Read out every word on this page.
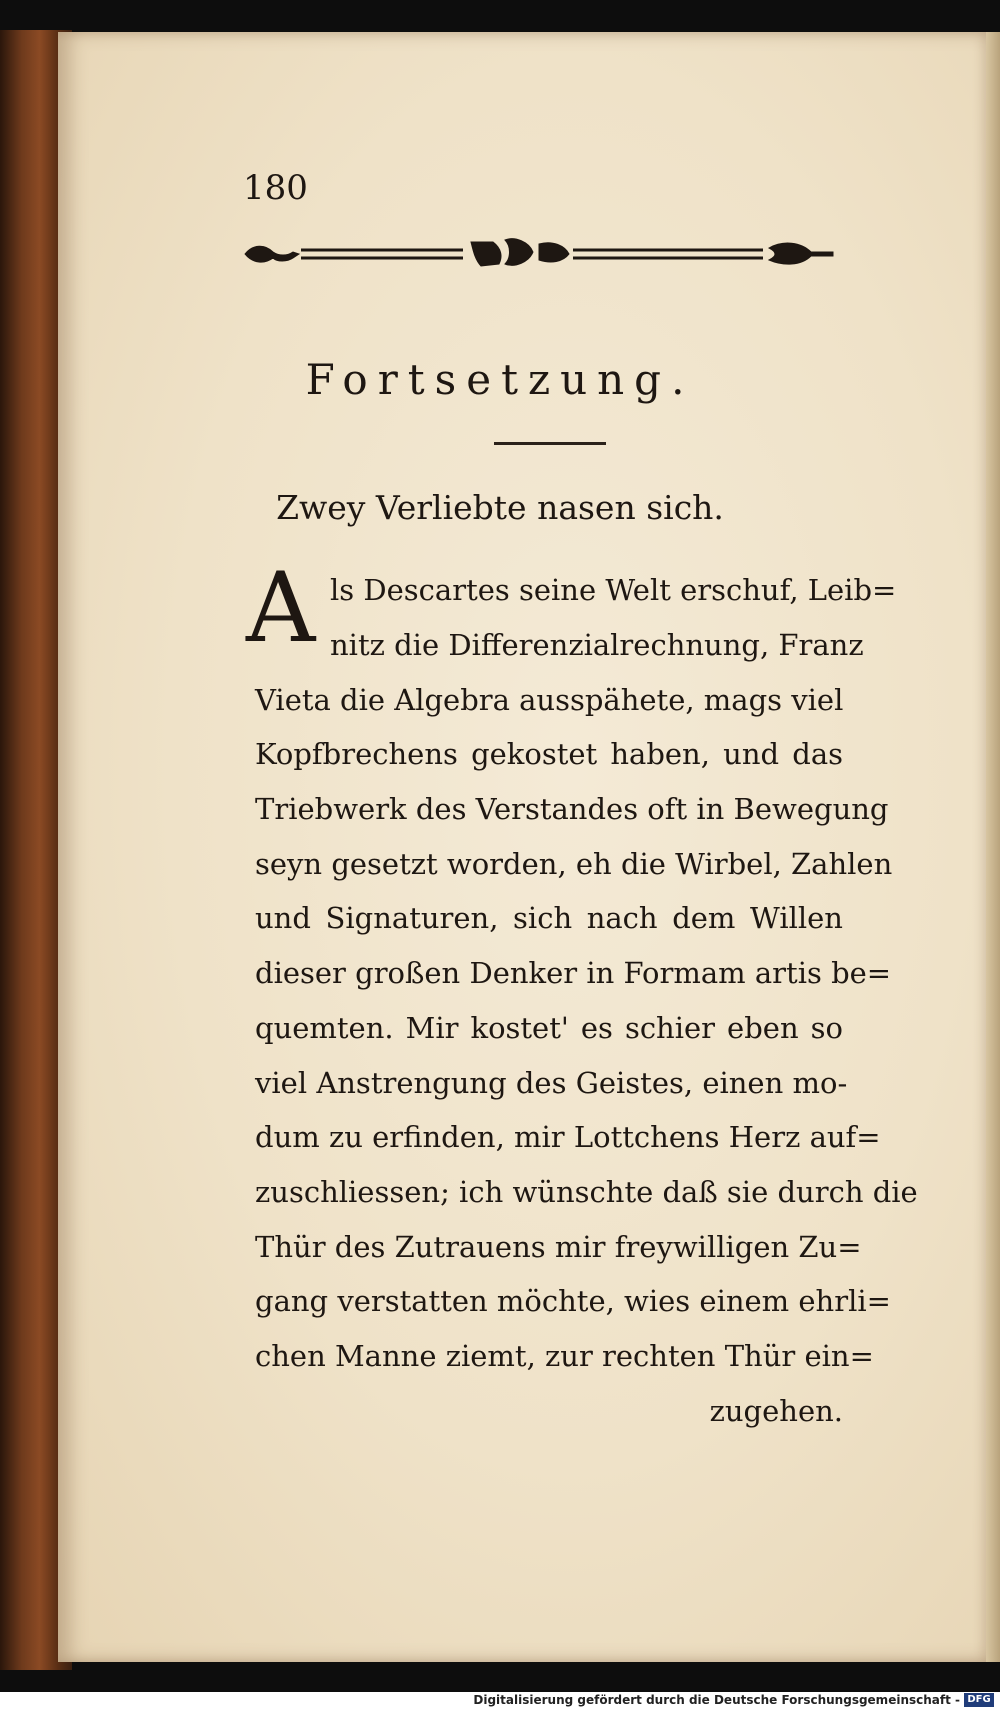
180
Fortsetzung.
Zwey Verliebte nasen sich.
A ls Descartes seine Welt erschuf, Leib=
nitz die Differenzialrechnung, Franz
Vieta die Algebra ausspähete, mags viel
Kopfbrechens gekostet haben, und das
Triebwerk des Verstandes oft in Bewegung
seyn gesetzt worden, eh die Wirbel, Zahlen
und Signaturen, sich nach dem Willen
dieser großen Denker in Formam artis be=
quemten. Mir kostet' es schier eben so
viel Anstrengung des Geistes, einen mo-
dum zu erfinden, mir Lottchens Herz auf=
zuschliessen; ich wünschte daß sie durch die
Thür des Zutrauens mir freywilligen Zu=
gang verstatten möchte, wies einem ehrli=
chen Manne ziemt, zur rechten Thür ein=
zugehen.
Digitalisierung gefördert durch die Deutsche Forschungsgemeinschaft - DFG
